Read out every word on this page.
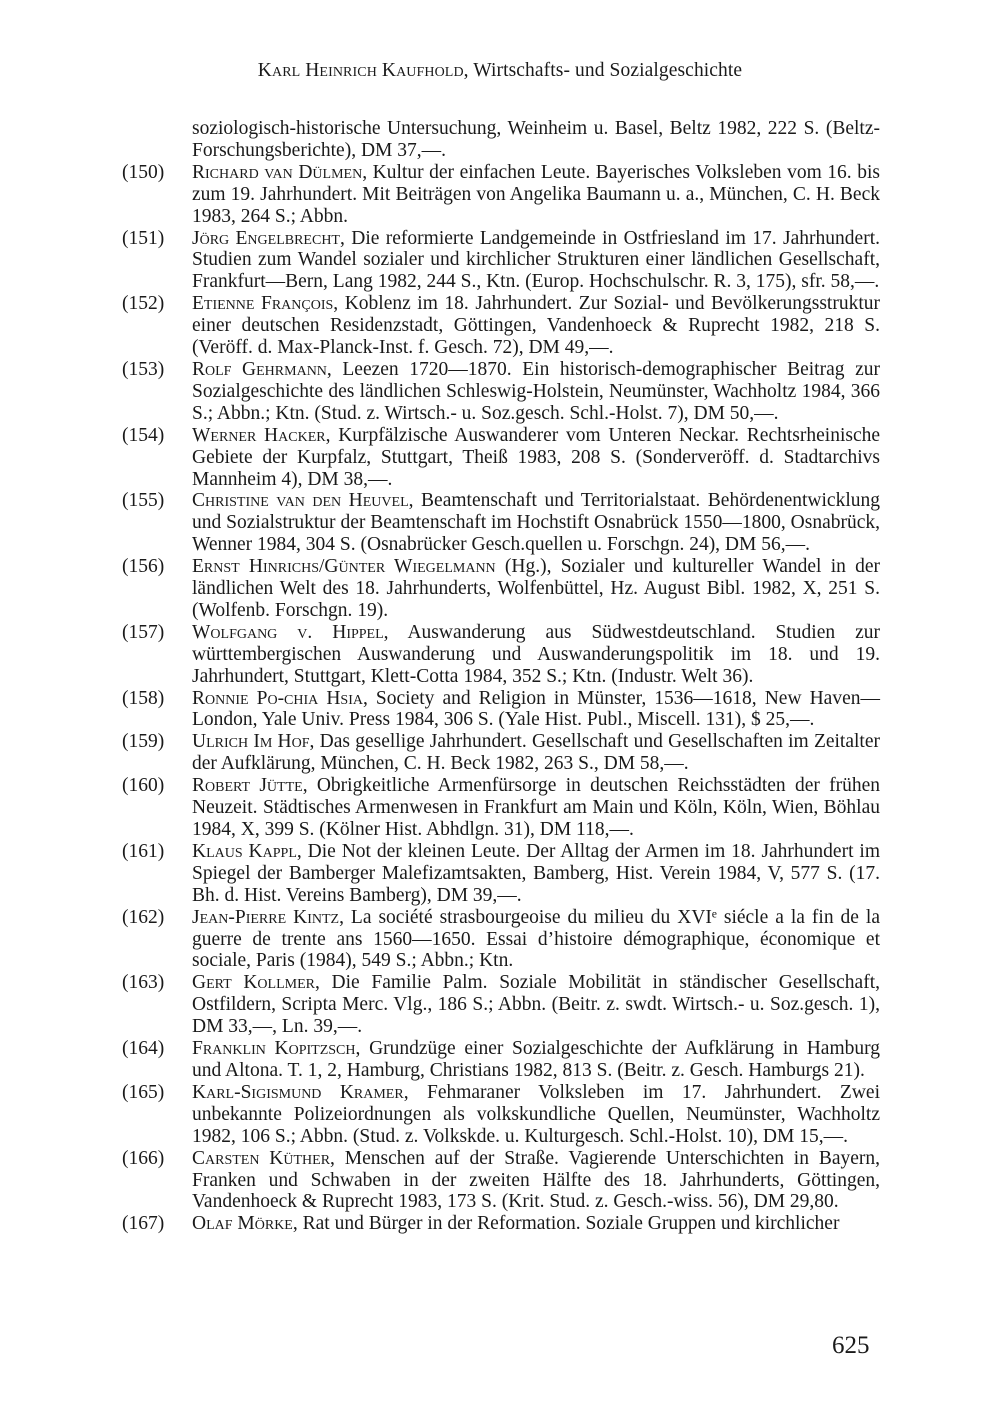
Karl Heinrich Kaufhold, Wirtschafts- und Sozialgeschichte

soziologisch-historische Untersuchung, Weinheim u. Basel, Beltz 1982, 222 S. (Beltz-Forschungsberichte), DM 37,—.

(150) Richard van Dülmen, Kultur der einfachen Leute. Bayerisches Volksleben vom 16. bis zum 19. Jahrhundert. Mit Beiträgen von Angelika Baumann u. a., München, C. H. Beck 1983, 264 S.; Abbn.

(151) Jörg Engelbrecht, Die reformierte Landgemeinde in Ostfriesland im 17. Jahrhundert. Studien zum Wandel sozialer und kirchlicher Strukturen einer ländlichen Gesellschaft, Frankfurt—Bern, Lang 1982, 244 S., Ktn. (Europ. Hochschulschr. R. 3, 175), sfr. 58,—.

(152) Etienne François, Koblenz im 18. Jahrhundert. Zur Sozial- und Bevölkerungsstruktur einer deutschen Residenzstadt, Göttingen, Vandenhoeck & Ruprecht 1982, 218 S. (Veröff. d. Max-Planck-Inst. f. Gesch. 72), DM 49,—.

(153) Rolf Gehrmann, Leezen 1720—1870. Ein historisch-demographischer Beitrag zur Sozialgeschichte des ländlichen Schleswig-Holstein, Neumünster, Wachholtz 1984, 366 S.; Abbn.; Ktn. (Stud. z. Wirtsch.- u. Soz.gesch. Schl.-Holst. 7), DM 50,—.

(154) Werner Hacker, Kurpfälzische Auswanderer vom Unteren Neckar. Rechtsrheinische Gebiete der Kurpfalz, Stuttgart, Theiß 1983, 208 S. (Sonderveröff. d. Stadtarchivs Mannheim 4), DM 38,—.

(155) Christine van den Heuvel, Beamtenschaft und Territorialstaat. Behördenentwicklung und Sozialstruktur der Beamtenschaft im Hochstift Osnabrück 1550—1800, Osnabrück, Wenner 1984, 304 S. (Osnabrücker Gesch.quellen u. Forschgn. 24), DM 56,—.

(156) Ernst Hinrichs/Günter Wiegelmann (Hg.), Sozialer und kultureller Wandel in der ländlichen Welt des 18. Jahrhunderts, Wolfenbüttel, Hz. August Bibl. 1982, X, 251 S. (Wolfenb. Forschgn. 19).

(157) Wolfgang v. Hippel, Auswanderung aus Südwestdeutschland. Studien zur württembergischen Auswanderung und Auswanderungspolitik im 18. und 19. Jahrhundert, Stuttgart, Klett-Cotta 1984, 352 S.; Ktn. (Industr. Welt 36).

(158) Ronnie Po-chia Hsia, Society and Religion in Münster, 1536—1618, New Haven—London, Yale Univ. Press 1984, 306 S. (Yale Hist. Publ., Miscell. 131), $ 25,—.

(159) Ulrich Im Hof, Das gesellige Jahrhundert. Gesellschaft und Gesellschaften im Zeitalter der Aufklärung, München, C. H. Beck 1982, 263 S., DM 58,—.

(160) Robert Jütte, Obrigkeitliche Armenfürsorge in deutschen Reichsstädten der frühen Neuzeit. Städtisches Armenwesen in Frankfurt am Main und Köln, Köln, Wien, Böhlau 1984, X, 399 S. (Kölner Hist. Abhdlgn. 31), DM 118,—.

(161) Klaus Kappl, Die Not der kleinen Leute. Der Alltag der Armen im 18. Jahrhundert im Spiegel der Bamberger Malefizamtsakten, Bamberg, Hist. Verein 1984, V, 577 S. (17. Bh. d. Hist. Vereins Bamberg), DM 39,—.

(162) Jean-Pierre Kintz, La société strasbourgeoise du milieu du XVIᵉ siécle a la fin de la guerre de trente ans 1560—1650. Essai d’histoire démographique, économique et sociale, Paris (1984), 549 S.; Abbn.; Ktn.

(163) Gert Kollmer, Die Familie Palm. Soziale Mobilität in ständischer Gesellschaft, Ostfildern, Scripta Merc. Vlg., 186 S.; Abbn. (Beitr. z. swdt. Wirtsch.- u. Soz.gesch. 1), DM 33,—, Ln. 39,—.

(164) Franklin Kopitzsch, Grundzüge einer Sozialgeschichte der Aufklärung in Hamburg und Altona. T. 1, 2, Hamburg, Christians 1982, 813 S. (Beitr. z. Gesch. Hamburgs 21).

(165) Karl-Sigismund Kramer, Fehmaraner Volksleben im 17. Jahrhundert. Zwei unbekannte Polizeiordnungen als volkskundliche Quellen, Neumünster, Wachholtz 1982, 106 S.; Abbn. (Stud. z. Volkskde. u. Kulturgesch. Schl.-Holst. 10), DM 15,—.

(166) Carsten Küther, Menschen auf der Straße. Vagierende Unterschichten in Bayern, Franken und Schwaben in der zweiten Hälfte des 18. Jahrhunderts, Göttingen, Vandenhoeck & Ruprecht 1983, 173 S. (Krit. Stud. z. Gesch.-wiss. 56), DM 29,80.

(167) Olaf Mörke, Rat und Bürger in der Reformation. Soziale Gruppen und kirchlicher

625
